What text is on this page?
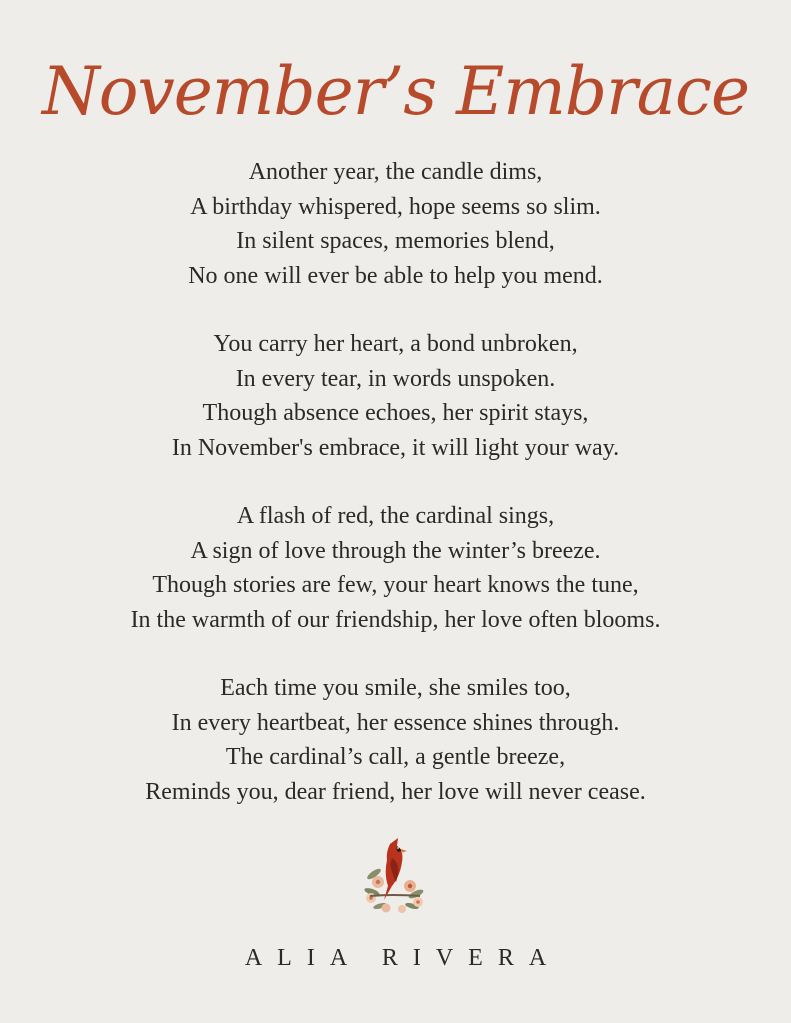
November’s Embrace
Another year, the candle dims,
A birthday whispered, hope seems so slim.
In silent spaces, memories blend,
No one will ever be able to help you mend.
You carry her heart, a bond unbroken,
In every tear, in words unspoken.
Though absence echoes, her spirit stays,
In November's embrace, it will light your way.
A flash of red, the cardinal sings,
A sign of love through the winter’s breeze.
Though stories are few, your heart knows the tune,
In the warmth of our friendship, her love often blooms.
Each time you smile, she smiles too,
In every heartbeat, her essence shines through.
The cardinal’s call, a gentle breeze,
Reminds you, dear friend, her love will never cease.
ALIA RIVERA
